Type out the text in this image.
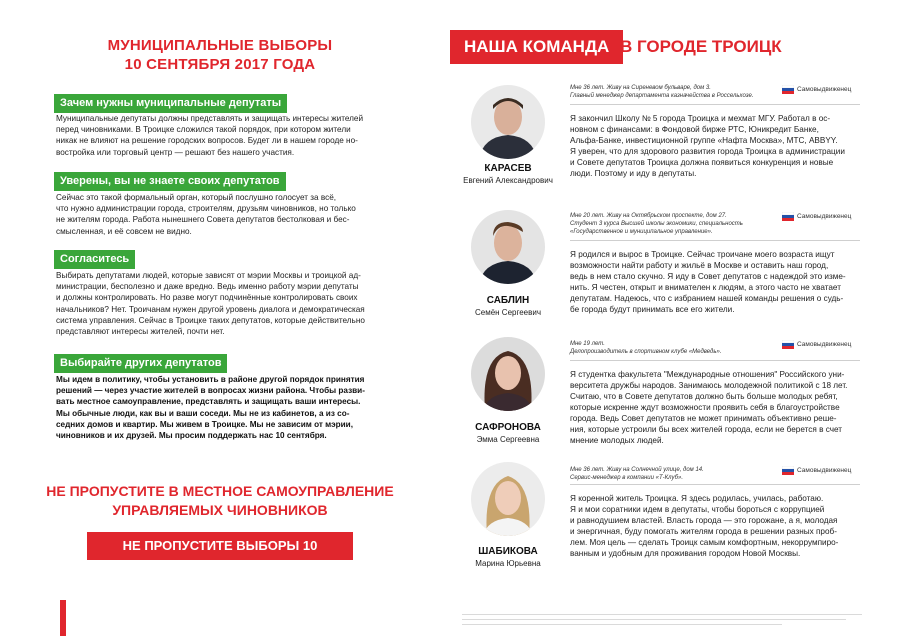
МУНИЦИПАЛЬНЫЕ ВЫБОРЫ
10 СЕНТЯБРЯ 2017 ГОДА
Зачем нужны муниципальные депутаты
Муниципальные депутаты должны представлять и защищать интересы жителей
перед чиновниками. В Троицке сложился такой порядок, при котором жители
никак не влияют на решение городских вопросов. Будет ли в нашем городе но-
востройка или торговый центр — решают без нашего участия.
Уверены, вы не знаете своих депутатов
Сейчас это такой формальный орган, который послушно голосует за всё,
что нужно администрации города, строителям, друзьям чиновников, но только
не жителям города. Работа нынешнего Совета депутатов бестолковая и бес-
смысленная, и её совсем не видно.
Согласитесь
Выбирать депутатами людей, которые зависят от мэрии Москвы и троицкой ад-
министрации, бесполезно и даже вредно. Ведь именно работу мэрии депутаты
и должны контролировать. Но разве могут подчинённые контролировать своих
начальников? Нет. Троичанам нужен другой уровень диалога и демократическая
система управления. Сейчас в Троицке таких депутатов, которые действительно
представляют интересы жителей, почти нет.
Выбирайте других депутатов
Мы идем в политику, чтобы установить в районе другой порядок принятия
решений — через участие жителей в вопросах жизни района. Чтобы разви-
вать местное самоуправление, представлять и защищать ваши интересы.
Мы обычные люди, как вы и ваши соседи. Мы не из кабинетов, а из со-
седних домов и квартир. Мы живем в Троицке. Мы не зависим от мэрии,
чиновников и их друзей. Мы просим поддержать нас 10 сентября.
НЕ ПРОПУСТИТЕ В МЕСТНОЕ САМОУПРАВЛЕНИЕ
УПРАВЛЯЕМЫХ ЧИНОВНИКОВ
НЕ ПРОПУСТИТЕ ВЫБОРЫ 10 СЕНТЯБРЯ
НАША КОМАНДА В ГОРОДЕ ТРОИЦК
КАРАСЕВ
Евгений Александрович
Мне 36 лет. Живу на Сиреневом бульваре, дом 3.
Главный менеджер департамента казначейства в Россельхозе.
Самовыдвиженец
Я закончил Школу № 5 города Троицка и мехмат МГУ. Работал в ос-
новном с финансами: в Фондовой бирже РТС, Юникредит Банке,
Альфа-Банке, инвестиционной группе «Нафта Москва», МТС, ABBYY.
Я уверен, что для здорового развития города Троицка в администрации
и Совете депутатов Троицка должна появиться конкуренция и новые
люди. Поэтому и иду в депутаты.
САБЛИН
Семён Сергеевич
Мне 20 лет. Живу на Октябрьском проспекте, дом 27.
Студент 3 курса Высшей школы экономики, специальность
«Государственное и муниципальное управление».
Самовыдвиженец
Я родился и вырос в Троицке. Сейчас троичане моего возраста ищут
возможности найти работу и жильё в Москве и оставить наш город,
ведь в нем стало скучно. Я иду в Совет депутатов с надеждой это изме-
нить. Я честен, открыт и внимателен к людям, а этого часто не хватает
депутатам. Надеюсь, что с избранием нашей команды решения о судь-
бе города будут принимать все его жители.
САФРОНОВА
Эмма Сергеевна
Мне 19 лет.
Делопроизводитель в спортивном клубе «Медведь».
Самовыдвиженец
Я студентка факультета "Международные отношения" Российского уни-
верситета дружбы народов. Занимаюсь молодежной политикой с 18 лет.
Считаю, что в Совете депутатов должно быть больше молодых ребят,
которые искренне ждут возможности проявить себя в благоустройстве
города. Ведь Совет депутатов не может принимать объективно реше-
ния, которые устроили бы всех жителей города, если не берется в счет
мнение молодых людей.
ШАБИКОВА
Марина Юрьевна
Мне 36 лет. Живу на Солнечной улице, дом 14.
Сервис-менеджер в компании «Т-Клуб».
Самовыдвиженец
Я коренной житель Троицка. Я здесь родилась, училась, работаю.
Я и мои соратники идем в депутаты, чтобы бороться с коррупцией
и равнодушием властей. Власть города — это горожане, а я, молодая
и энергичная, буду помогать жителям города в решении разных проб-
лем. Моя цель — сделать Троицк самым комфортным, некоррумпиро-
ванным и удобным для проживания городом Новой Москвы.
